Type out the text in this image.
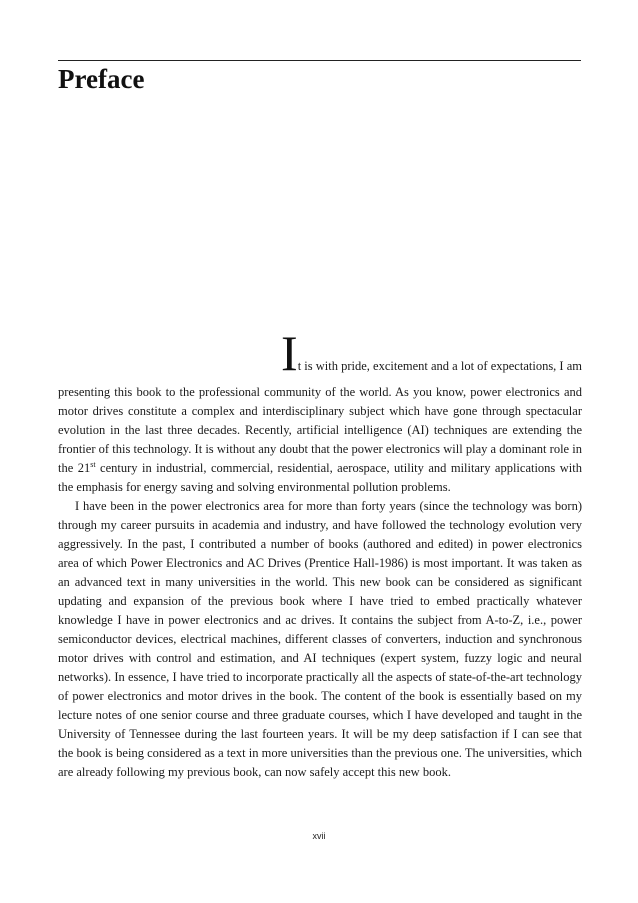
Preface
It is with pride, excitement and a lot of expectations, I am

presenting this book to the professional community of the world. As you know, power electronics and motor drives constitute a complex and interdisciplinary subject which have gone through spectacular evolution in the last three decades. Recently, artificial intelligence (AI) techniques are extending the frontier of this technology. It is without any doubt that the power electronics will play a dominant role in the 21st century in industrial, commercial, residential, aerospace, utility and military applications with the emphasis for energy saving and solving environmental pollution problems.

I have been in the power electronics area for more than forty years (since the technology was born) through my career pursuits in academia and industry, and have followed the technology evolution very aggressively. In the past, I contributed a number of books (authored and edited) in power electronics area of which Power Electronics and AC Drives (Prentice Hall-1986) is most important. It was taken as an advanced text in many universities in the world. This new book can be considered as significant updating and expansion of the previous book where I have tried to embed practically whatever knowledge I have in power electronics and ac drives. It contains the subject from A-to-Z, i.e., power semiconductor devices, electrical machines, different classes of converters, induction and synchronous motor drives with control and estimation, and AI techniques (expert system, fuzzy logic and neural networks). In essence, I have tried to incorporate practically all the aspects of state-of-the-art technology of power electronics and motor drives in the book. The content of the book is essentially based on my lecture notes of one senior course and three graduate courses, which I have developed and taught in the University of Tennessee during the last fourteen years. It will be my deep satisfaction if I can see that the book is being considered as a text in more universities than the previous one. The universities, which are already following my previous book, can now safely accept this new book.

xvii
